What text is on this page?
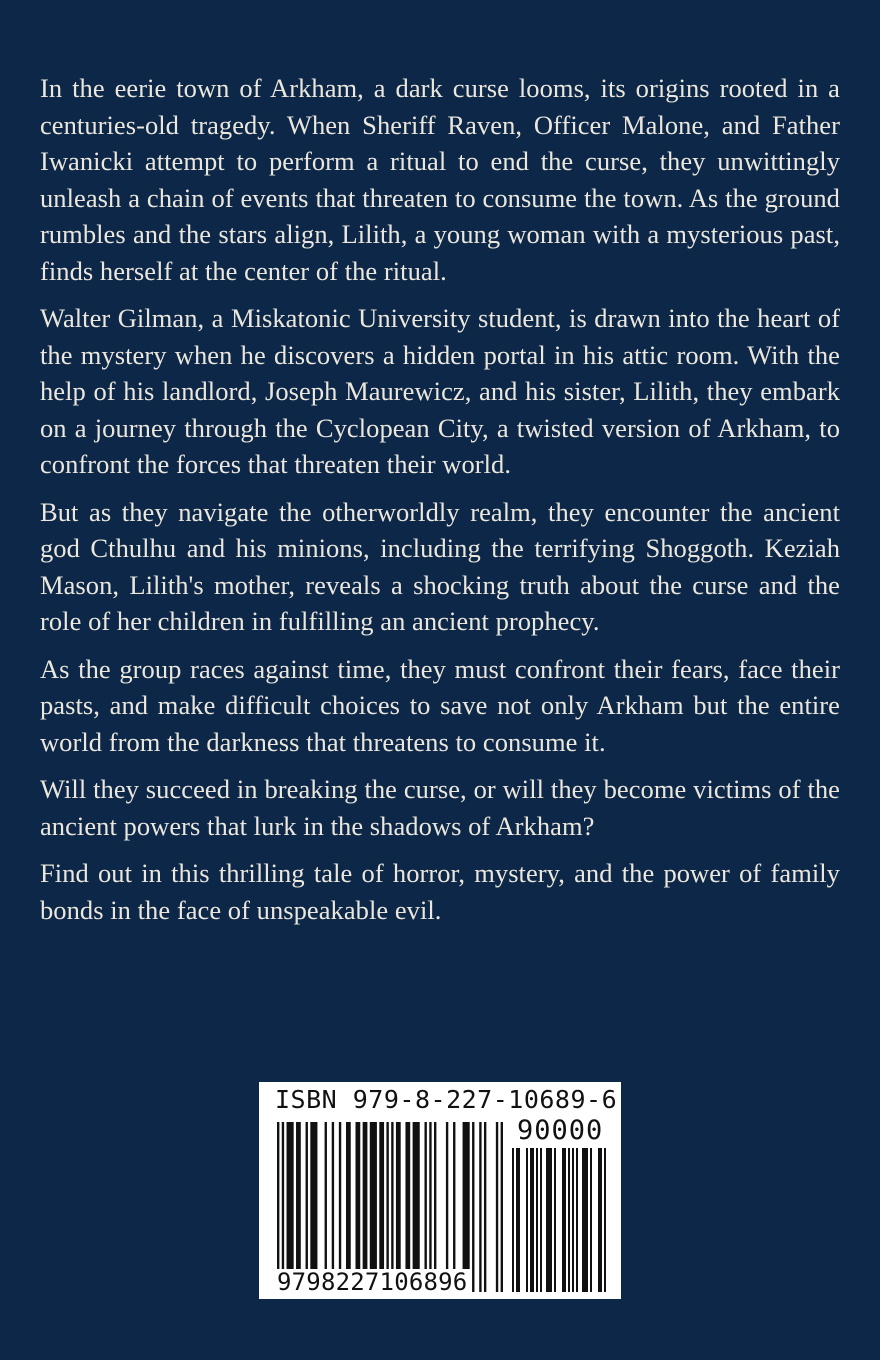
In the eerie town of Arkham, a dark curse looms, its origins rooted in a centuries-old tragedy. When Sheriff Raven, Officer Malone, and Father Iwanicki attempt to perform a ritual to end the curse, they unwittingly unleash a chain of events that threaten to consume the town. As the ground rumbles and the stars align, Lilith, a young woman with a mysterious past, finds herself at the center of the ritual.

Walter Gilman, a Miskatonic University student, is drawn into the heart of the mystery when he discovers a hidden portal in his attic room. With the help of his landlord, Joseph Maurewicz, and his sister, Lilith, they embark on a journey through the Cyclopean City, a twisted version of Arkham, to confront the forces that threaten their world.

But as they navigate the otherworldly realm, they encounter the ancient god Cthulhu and his minions, including the terrifying Shoggoth. Keziah Mason, Lilith's mother, reveals a shocking truth about the curse and the role of her children in fulfilling an ancient prophecy.

As the group races against time, they must confront their fears, face their pasts, and make difficult choices to save not only Arkham but the entire world from the darkness that threatens to consume it.

Will they succeed in breaking the curse, or will they become victims of the ancient powers that lurk in the shadows of Arkham?

Find out in this thrilling tale of horror, mystery, and the power of family bonds in the face of unspeakable evil.

ISBN 979-8-227-10689-6
90000
9798227106896
